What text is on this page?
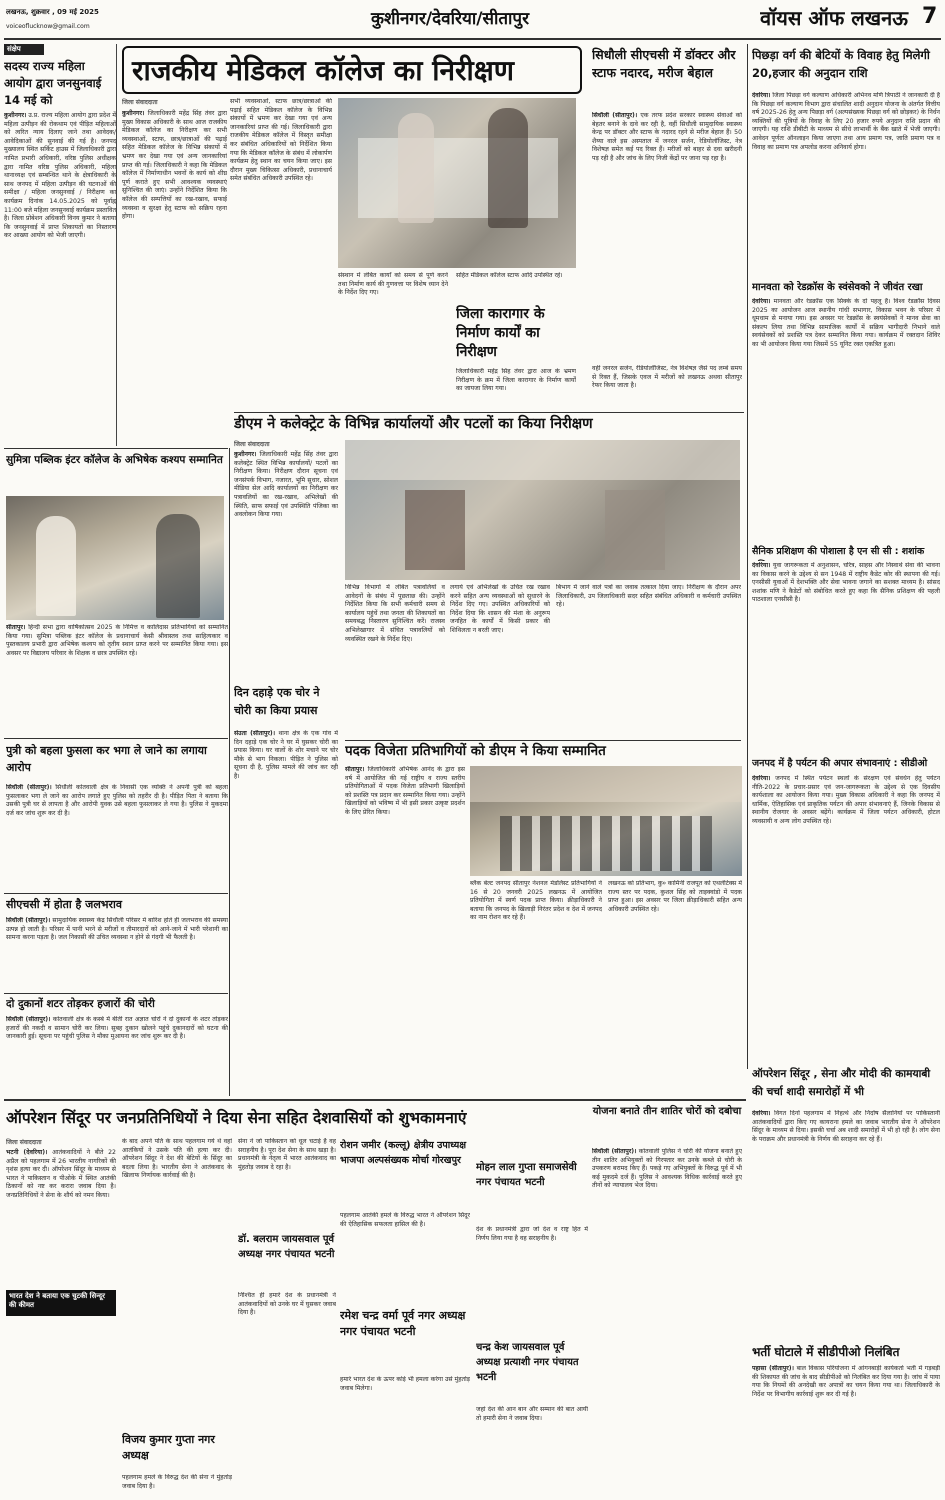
लखनऊ, शुक्रवार , 09 मई 2025
voiceoflucknow@gmail.com	कुशीनगर/देवरिया/सीतापुर	वॉयस ऑफ लखनऊ 7
संक्षेप
सदस्य राज्य महिला आयोग द्वारा जनसुनवाई 14 मई को
कुशीनगर। उ.प्र. राज्य महिला आयोग द्वारा प्रदेश में महिला उत्पीड़न की रोकथाम एवं पीड़ित महिलाओं को त्वरित न्याय दिलाए जाने तथा आवेदक/आवेदिकाओं की सुनवाई की गई है। जनपद मुख्यालय स्थित सर्किट हाउस में जिलाधिकारी द्वारा नामित प्रभारी अधिकारी, वरिष्ठ पुलिस अधीक्षक द्वारा नामित वरिष्ठ पुलिस अधिकारी, महिला थानाध्यक्ष एवं सम्बन्धित थाने के क्षेत्राधिकारी के साथ जनपद में महिला उत्पीड़न की घटनाओं की समीक्षा / महिला जनसुनवाई / निरीक्षण का कार्यक्रम दिनांक 14.05.2025 को पूर्वाह्न 11:00 बजे महिला जनसुनवाई कार्यक्रम प्रस्तावित है। जिला प्रोबेशन अधिकारी विनय कुमार ने बताया कि जनसुनवाई में प्राप्त शिकायतों का निस्तारण कर आख्या आयोग को भेजी जाएगी।
राजकीय मेडिकल कॉलेज का निरीक्षण
जिला संवाददाता
कुशीनगर। जिलाधिकारी महेंद्र सिंह तंवर द्वारा मुख्य विकास अधिकारी के साथ आज राजकीय मेडिकल कॉलेज का निरीक्षण कर सभी व्यवस्थाओं, स्टाफ, छात्र/छात्राओं की पढ़ाई सहित मेडिकल कॉलेज के विभिन्न संकायों में भ्रमण कर देखा गया एवं अन्य जानकारियां प्राप्त की गई। जिलाधिकारी ने कहा कि मेडिकल कॉलेज में निर्माणाधीन भवनों के कार्य को शीघ्र पूर्ण कराते हुए सभी आवश्यक व्यवस्थाएं सुनिश्चित की जाएं। उन्होंने निर्देशित किया कि कॉलेज की सम्पत्तियों का रख-रखाव, सफाई व्यवस्था व सुरक्षा हेतु स्टाफ को सक्रिय रहना होगा।
सभी व्यवस्थाओं, स्टाफ छात्र/छात्राओं की पढ़ाई सहित मेडिकल कॉलेज के विभिन्न संकायों में भ्रमण कर देखा गया एवं अन्य जानकारियां प्राप्त की गई। जिलाधिकारी द्वारा राजकीय मेडिकल कॉलेज में विस्तृत समीक्षा कर संबंधित अधिकारियों को निर्देशित किया गया कि मेडिकल कॉलेज के संबंध में लोकार्पण कार्यक्रम हेतु स्थान का चयन किया जाए। इस दौरान मुख्य चिकित्सा अधिकारी, प्रधानाचार्य समेत संबंधित अधिकारी उपस्थित रहे।
संस्थान में लंबित कार्यों को समय से पूर्ण करने तथा निर्माण कार्य की गुणवत्ता पर विशेष ध्यान देने के निर्देश दिए गए।
सहित मेडिकल कॉलेज स्टाफ आदि उपस्थित रहे।
जिला कारागार के निर्माण कार्यों का निरीक्षण
जिलाधिकारी महेंद्र सिंह तंवर द्वारा आज के भ्रमण निरीक्षण के क्रम में जिला कारागार के निर्माण कार्यों का जायजा लिया गया।
सिधौली सीएचसी में डॉक्टर और स्टाफ नदारद, मरीज बेहाल
सिधौली (सीतापुर)। एक तरफ प्रदेश सरकार स्वास्थ्य सेवाओं को बेहतर बनाने के दावे कर रही है, वहीं सिधौली सामुदायिक स्वास्थ्य केन्द्र पर डॉक्टर और स्टाफ के नदारद रहने से मरीज बेहाल हैं। 50 शैय्या वाले इस अस्पताल में जनरल सर्जन, रेडियोलॉजिस्ट, नेत्र विशेषज्ञ समेत कई पद रिक्त हैं। मरीजों को बाहर से दवा खरीदनी पड़ रही है और जांच के लिए निजी केंद्रों पर जाना पड़ रहा है।
वहीं जनरल सर्जन, रेडियोलॉजिस्ट, नेत्र विशेषज्ञ जैसे पद लम्बे समय से रिक्त हैं, जिसके एवज में मरीजों को लखनऊ अथवा सीतापुर रेफर किया जाता है।
पिछड़ा वर्ग की बेटियों के विवाह हेतु मिलेगी 20,हजार की अनुदान राशि
देवरिया। जिला पिछड़ा वर्ग कल्याण अधिकारी अभिनव मणि त्रिपाठी ने जानकारी दी है कि पिछड़ा वर्ग कल्याण विभाग द्वारा संचालित शादी अनुदान योजना के अंतर्गत वित्तीय वर्ष 2025-26 हेतु अन्य पिछड़ा वर्ग (अल्पसंख्यक पिछड़ा वर्ग को छोड़कर) के निर्धन व्यक्तियों की पुत्रियों के विवाह के लिए 20 हजार रुपये अनुदान राशि प्रदान की जाएगी। यह राशि डीबीटी के माध्यम से सीधे लाभार्थी के बैंक खाते में भेजी जाएगी। आवेदन पूर्णतः ऑनलाइन किया जाएगा तथा आय प्रमाण पत्र, जाति प्रमाण पत्र व विवाह का प्रमाण पत्र अपलोड करना अनिवार्य होगा।
मानवता को रेडक्रॉस के स्वंसेवको ने जीवंत रखा
देवरिया। मानवता और रेडक्रॉस एक सिक्के के दो पहलू हैं। विश्व रेडक्रॉस दिवस 2025 का आयोजन आज स्थानीय गांधी सभागार, विकास भवन के परिसर में धूमधाम से मनाया गया। इस अवसर पर रेडक्रॉस के स्वयंसेवकों ने मानव सेवा का संकल्प लिया तथा विभिन्न सामाजिक कार्यों में सक्रिय भागीदारी निभाने वाले स्वयंसेवकों को प्रशस्ति पत्र देकर सम्मानित किया गया। कार्यक्रम में रक्तदान शिविर का भी आयोजन किया गया जिसमें 55 यूनिट रक्त एकत्रित हुआ।
सैनिक प्रशिक्षण की पोशाला है एन सी सी : शशांक
देवरिया। युवा जागरूकता में अनुशासन, चरित्र, साहस और निस्वार्थ सेवा की भावना का विकास करने के उद्देश्य से सन 1948 में राष्ट्रीय कैडेट कोर की स्थापना की गई। एनसीसी युवाओं में देशभक्ति और सेवा भावना जगाने का सशक्त माध्यम है। सांसद शशांक मणि ने कैडेटों को संबोधित करते हुए कहा कि सैनिक प्रशिक्षण की पहली पाठशाला एनसीसी है।
जनपद में है पर्यटन की अपार संभावनाएं : सीडीओ
देवरिया। जनपद में स्थित पर्यटन स्थलों के संरक्षण एवं संवर्धन हेतु पर्यटन नीति-2022 के प्रचार-प्रसार एवं जन-जागरूकता के उद्देश्य से एक दिवसीय कार्यशाला का आयोजन किया गया। मुख्य विकास अधिकारी ने कहा कि जनपद में धार्मिक, ऐतिहासिक एवं प्राकृतिक पर्यटन की अपार संभावनाएं हैं, जिनके विकास से स्थानीय रोजगार के अवसर बढ़ेंगे। कार्यक्रम में जिला पर्यटन अधिकारी, होटल व्यवसायी व अन्य लोग उपस्थित रहे।
ऑपरेशन सिंदूर , सेना और मोदी की कामयाबी की चर्चा शादी समारोहों में भी
देवरिया। विगत दिनों पहलगाम में निहत्थे और निर्दोष सैलानियों पर पाकिस्तानी आतंकवादियों द्वारा किए गए कायराना हमले का जवाब भारतीय सेना ने ऑपरेशन सिंदूर के माध्यम से दिया। इसकी चर्चा अब शादी समारोहों में भी हो रही है। लोग सेना के पराक्रम और प्रधानमंत्री के निर्णय की सराहना कर रहे हैं।
भर्ती घोटाले में सीडीपीओ निलंबित
पहासा (सीतापुर)। बाल विकास परियोजना में आंगनबाड़ी कार्यकर्ता भर्ती में गड़बड़ी की शिकायत की जांच के बाद सीडीपीओ को निलंबित कर दिया गया है। जांच में पाया गया कि नियमों की अनदेखी कर अपात्रों का चयन किया गया था। जिलाधिकारी के निर्देश पर विभागीय कार्रवाई शुरू कर दी गई है।
सुमित्रा पब्लिक इंटर कॉलेज के अभिषेक कश्यप सम्मानित
सीतापुर। हिन्दी सभा द्वारा वार्षिकोत्सव 2025 के निमित्त व कालिदास प्रतिभागियों को सम्मानित किया गया। सुमित्रा पब्लिक इंटर कॉलेज के प्रधानाचार्य केसी श्रीवास्तव तथा साहित्यकार व पुस्तकालय प्रभारी द्वारा अभिषेक कश्यप को तृतीय स्थान प्राप्त करने पर सम्मानित किया गया। इस अवसर पर विद्यालय परिवार के शिक्षक व छात्र उपस्थित रहे।
पुत्री को बहला फुसला कर भगा ले जाने का लगाया आरोप
सिधौली (सीतापुर)। सिधौली कोतवाली क्षेत्र के निवासी एक व्यक्ति ने अपनी पुत्री को बहला फुसलाकर भगा ले जाने का आरोप लगाते हुए पुलिस को तहरीर दी है। पीड़ित पिता ने बताया कि उसकी पुत्री घर से लापता है और आरोपी युवक उसे बहला फुसलाकर ले गया है। पुलिस ने मुकदमा दर्ज कर जांच शुरू कर दी है।
सीएचसी में होता है जलभराव
सिधौली (सीतापुर)। सामुदायिक स्वास्थ्य केंद्र सिधौली परिसर में बारिश होते ही जलभराव की समस्या उत्पन्न हो जाती है। परिसर में पानी भरने से मरीजों व तीमारदारों को आने-जाने में भारी परेशानी का सामना करना पड़ता है। जल निकासी की उचित व्यवस्था न होने से गंदगी भी फैलती है।
दो दुकानों शटर तोड़कर हजारों की चोरी
सिधौली (सीतापुर)। कोतवाली क्षेत्र के कस्बे में बीती रात अज्ञात चोरों ने दो दुकानों के शटर तोड़कर हजारों की नकदी व सामान चोरी कर लिया। सुबह दुकान खोलने पहुंचे दुकानदारों को घटना की जानकारी हुई। सूचना पर पहुंची पुलिस ने मौका मुआयना कर जांच शुरू कर दी है।
डीएम ने कलेक्ट्रेट के विभिन्न कार्यालयों और पटलों का किया निरीक्षण
जिला संवाददाता
कुशीनगर। जिलाधिकारी महेंद्र सिंह तंवर द्वारा कलेक्ट्रेट स्थित विभिन्न कार्यालयों/ पटलों का निरीक्षण किया। निरीक्षण दौरान सूचना एवं जनसंपर्क विभाग, नजारत, भूमि सुधार, सोशल मीडिया सेल आदि कार्यालयों का निरीक्षण कर पत्रावलियों का रख-रखाव, अभिलेखों की स्थिति, साफ सफाई एवं उपस्थिति पंजिका का अवलोकन किया गया।
विभिन्न विभागों में लंबित पत्रावलियों व आवेदनों के संबंध में पूछताछ की। उन्होंने निर्देशित किया कि सभी कर्मचारी समय से कार्यालय पहुंचें तथा जनता की शिकायतों का समयबद्ध निस्तारण सुनिश्चित करें। राजस्व अभिलेखागार में संचित पत्रावलियों को व्यवस्थित रखने के निर्देश दिए।
लगाये एवं अभिलेखों के उचित रख रखाव करने सहित अन्य व्यवस्थाओं को सुधारने के निर्देश दिए गए। उपस्थित अधिकारियों को निर्देश दिया कि शासन की मंशा के अनुरूप जनहित के कार्यों में किसी प्रकार की शिथिलता न बरती जाए।
बिभाग में जाने वाले पत्रों का जवाब तत्काल दिया जाए। निरीक्षण के दौरान अपर जिलाधिकारी, उप जिलाधिकारी सदर सहित संबंधित अधिकारी व कर्मचारी उपस्थित रहे।
दिन दहाड़े एक चोर ने चोरी का किया प्रयास
सेउता (सीतापुर)। थाना क्षेत्र के एक गांव में दिन दहाड़े एक चोर ने घर में घुसकर चोरी का प्रयास किया। घर वालों के शोर मचाने पर चोर मौके से भाग निकला। पीड़ित ने पुलिस को सूचना दी है, पुलिस मामले की जांच कर रही है।
पदक विजेता प्रतिभागियों को डीएम ने किया सम्मानित
सीतापुर। जिलाधिकारी अभिषेक आनंद के द्वारा इस वर्ष में आयोजित की गई राष्ट्रीय व राज्य स्तरीय प्रतियोगिताओं में पदक विजेता प्रतिभागी खिलाड़ियों को प्रशस्ति पत्र प्रदान कर सम्मानित किया गया। उन्होंने खिलाड़ियों को भविष्य में भी इसी प्रकार उत्कृष्ट प्रदर्शन के लिए प्रेरित किया।
ब्लैक बेल्ट जनपद सीतापुर नेशनल मेडलिस्ट प्रतिभागियों ने 16 से 20 जनवरी 2025 लखनऊ में आयोजित प्रतियोगिता में स्वर्ण पदक प्राप्त किया। क्रीड़ाधिकारी ने बताया कि जनपद के खिलाड़ी निरंतर प्रदेश व देश में जनपद का नाम रोशन कर रहे हैं।
लखनऊ को प्रतिभाग, कु० कामिनी राजपूत को एथलेटिक्स में राज्य स्तर पर पदक, कुशल सिंह को ताइक्वांडो में पदक प्राप्त हुआ। इस अवसर पर जिला क्रीड़ाधिकारी सहित अन्य अधिकारी उपस्थित रहे।
ऑपरेशन सिंदूर पर जनप्रतिनिधियों ने दिया सेना सहित देशवासियों को शुभकामनाएं	योजना बनाते तीन शातिर चोरों को दबोचा
जिला संवाददाता
भटनी (देवरिया)। आतंकवादियों ने बीते 22 अप्रैल को पहलगाम में 26 भारतीय नागरिकों की नृशंस हत्या कर दी। ऑपरेशन सिंदूर के माध्यम से भारत ने पाकिस्तान व पीओके में स्थित आतंकी ठिकानों को नष्ट कर करारा जवाब दिया है। जनप्रतिनिधियों ने सेना के शौर्य को नमन किया।
भारत देश ने बताया एक चुटकी सिन्दूर की कीमत
के बाद अपने पति के साथ पहलगाम गये थे वहां आतंकियों ने उसके पति की हत्या कर दी। ऑपरेशन सिंदूर ने देश की बेटियों के सिंदूर का बदला लिया है। भारतीय सेना ने आतंकवाद के खिलाफ निर्णायक कार्रवाई की है।
सेना ने जो पाकिस्तान को धूल चटाई है वह सराहनीय है। पूरा देश सेना के साथ खड़ा है। प्रधानमंत्री के नेतृत्व में भारत आतंकवाद का मुंहतोड़ जवाब दे रहा है।
डॉ. बलराम जायसवाल पूर्व अध्यक्ष नगर पंचायत भटनी
निश्चित ही हमारे देश के प्रधानमंत्री ने आतंकवादियों को उनके घर में घुसकर जवाब दिया है।
विजय कुमार गुप्ता नगर अध्यक्ष
पहलगाम हमले के विरुद्ध देश की सेना ने मुंहतोड़ जवाब दिया है।
रोशन जमीर (कल्लू) क्षेत्रीय उपाध्यक्ष भाजपा अल्पसंख्यक मोर्चा गोरखपुर
पहलगाम आतंकी हमले के विरुद्ध भारत ने ऑपरेशन सिंदूर की ऐतिहासिक सफलता हासिल की है।
रमेश चन्द्र वर्मा पूर्व नगर अध्यक्ष नगर पंचायत भटनी
हमारे भारत देश के ऊपर कोई भी हमला करेगा उसे मुंहतोड़ जवाब मिलेगा।
मोहन लाल गुप्ता समाजसेवी नगर पंचायत भटनी
देश के प्रधानमंत्री द्वारा जो देश व राष्ट्र हित में निर्णय लिया गया है वह सराहनीय है।
चन्द्र केश जायसवाल पूर्व अध्यक्ष प्रत्याशी नगर पंचायत भटनी
जहां देश की आन बान और सम्मान की बात आयी तो हमारी सेना ने जवाब दिया।
सिधौली (सीतापुर)। कोतवाली पुलिस ने चोरी की योजना बनाते हुए तीन शातिर अभियुक्तों को गिरफ्तार कर उनके कब्जे से चोरी के उपकरण बरामद किए हैं। पकड़े गए अभियुक्तों के विरुद्ध पूर्व में भी कई मुकदमे दर्ज हैं। पुलिस ने आवश्यक विधिक कार्रवाई करते हुए तीनों को न्यायालय भेज दिया।
